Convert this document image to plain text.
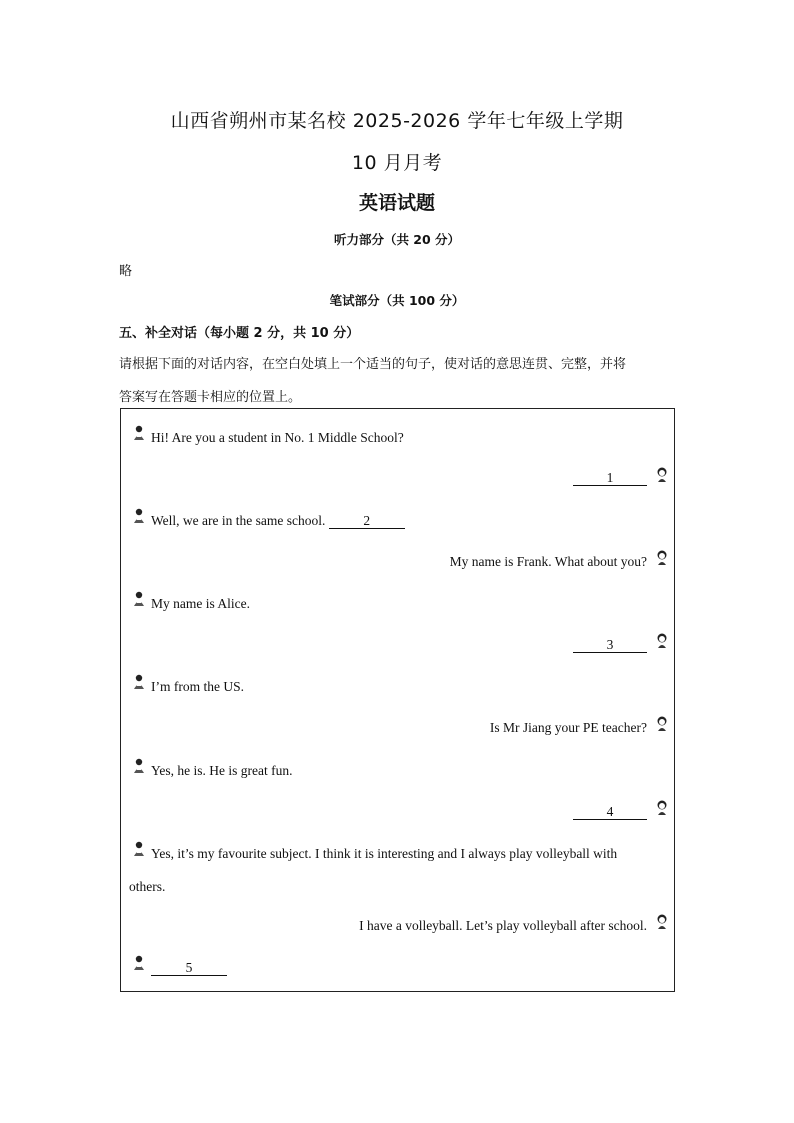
山西省朔州市某名校 2025-2026 学年七年级上学期
10 月月考
英语试题
听力部分（共 20 分）
略
笔试部分（共 100 分）
五、补全对话（每小题 2 分，共 10 分）
请根据下面的对话内容，在空白处填上一个适当的句子，使对话的意思连贯、完整，并将
答案写在答题卡相应的位置上。
Hi! Are you a student in No. 1 Middle School?
1
Well, we are in the same school.	2
My name is Frank. What about you?
My name is Alice.
3
I’m from the US.
Is Mr Jiang your PE teacher?
Yes, he is. He is great fun.
4
Yes, it’s my favourite subject. I think it is interesting and I always play volleyball with
others.
I have a volleyball. Let’s play volleyball after school.
5
